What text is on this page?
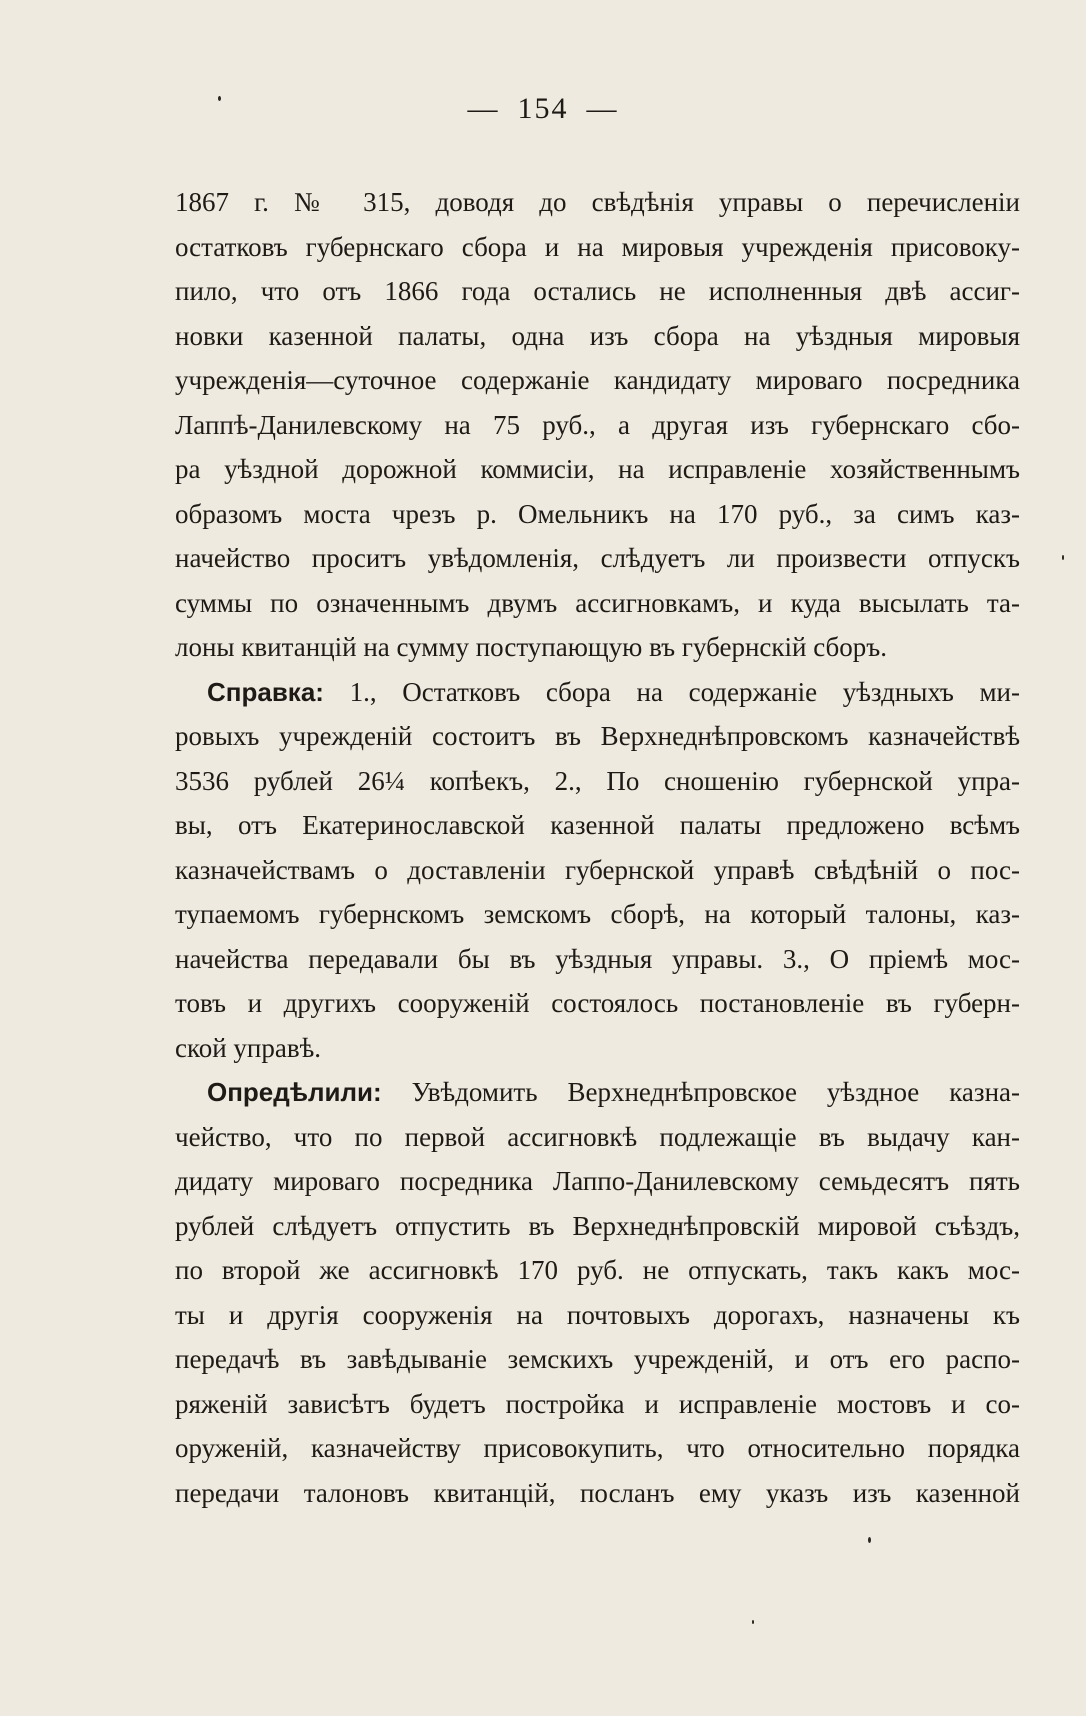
— 154 —
1867 г. № 315, доводя до свѣдѣнія управы о перечисленіи
остатковъ губернскаго сбора и на мировыя учрежденія присовоку-
пило, что отъ 1866 года остались не исполненныя двѣ ассиг-
новки казенной палаты, одна изъ сбора на уѣздныя мировыя
учрежденія—суточное содержаніе кандидату мироваго посредника
Лаппѣ-Данилевскому на 75 руб., а другая изъ губернскаго сбо-
ра уѣздной дорожной коммисіи, на исправленіе хозяйственнымъ
образомъ моста чрезъ р. Омельникъ на 170 руб., за симъ каз-
начейство проситъ увѣдомленія, слѣдуетъ ли произвести отпускъ
суммы по означеннымъ двумъ ассигновкамъ, и куда высылать та-
лоны квитанцій на сумму поступающую въ губернскій сборъ.
Справка: 1., Остатковъ сбора на содержаніе уѣздныхъ ми-
ровыхъ учрежденій состоитъ въ Верхнеднѣпровскомъ казначействѣ
3536 рублей 26¼ копѣекъ, 2., По сношенію губернской упра-
вы, отъ Екатеринославской казенной палаты предложено всѣмъ
казначействамъ о доставленіи губернской управѣ свѣдѣній о пос-
тупаемомъ губернскомъ земскомъ сборѣ, на который талоны, каз-
начейства передавали бы въ уѣздныя управы. 3., О пріемѣ мос-
товъ и другихъ сооруженій состоялось постановленіе въ губерн-
ской управѣ.
Опредѣлили: Увѣдомить Верхнеднѣпровское уѣздное казна-
чейство, что по первой ассигновкѣ подлежащіе въ выдачу кан-
дидату мироваго посредника Лаппо-Данилевскому семьдесятъ пять
рублей слѣдуетъ отпустить въ Верхнеднѣпровскій мировой съѣздъ,
по второй же ассигновкѣ 170 руб. не отпускать, такъ какъ мос-
ты и другія сооруженія на почтовыхъ дорогахъ, назначены къ
передачѣ въ завѣдываніе земскихъ учрежденій, и отъ его распо-
ряженій зависѣтъ будетъ постройка и исправленіе мостовъ и со-
оруженій, казначейству присовокупить, что относительно порядка
передачи талоновъ квитанцій, посланъ ему указъ изъ казенной
